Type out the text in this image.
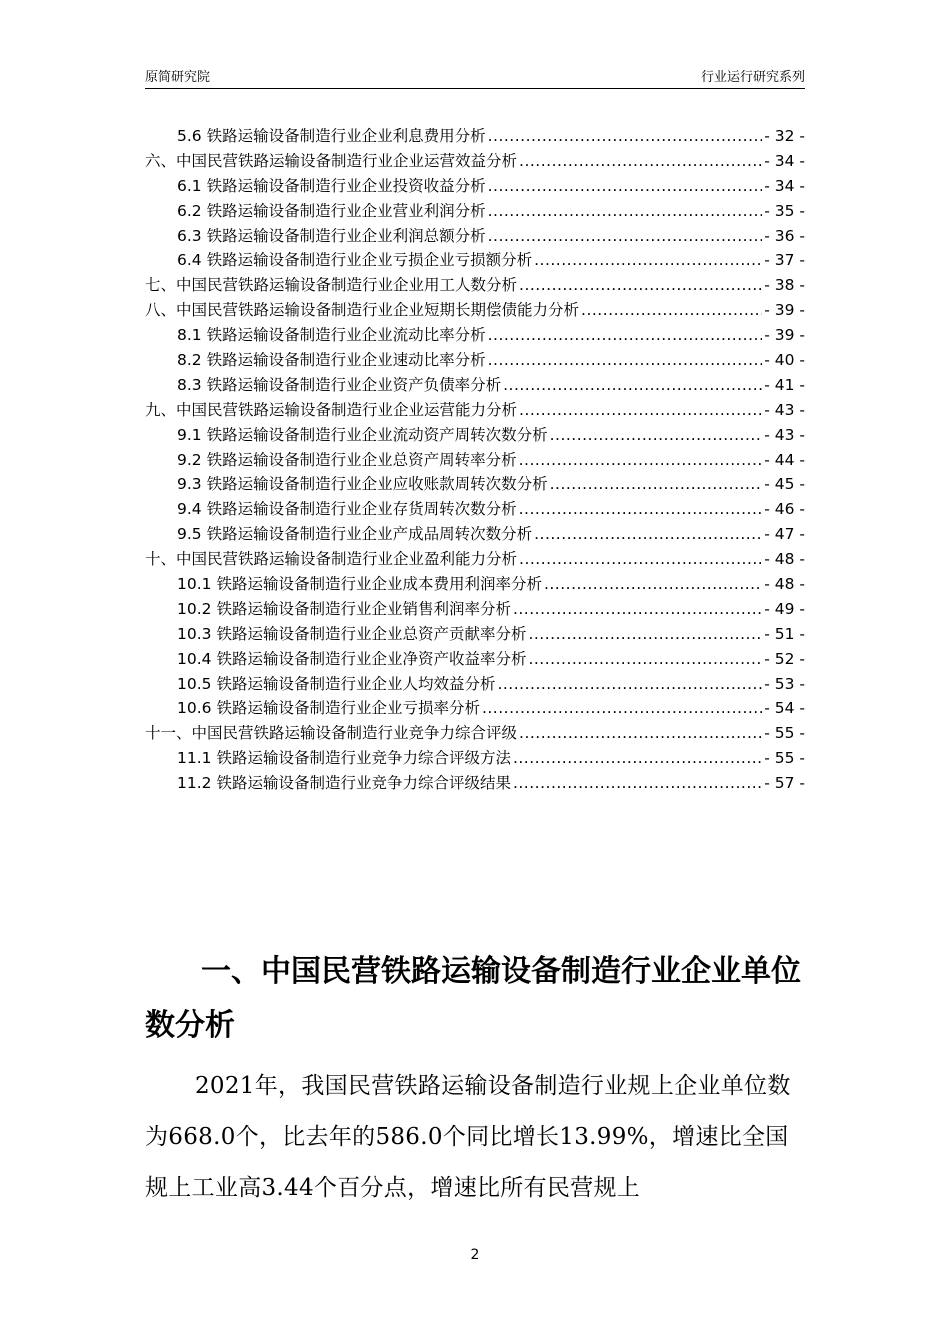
原简研究院	行业运行研究系列
5.6 铁路运输设备制造行业企业利息费用分析 .....	- 32 -
六、中国民营铁路运输设备制造行业企业运营效益分析 .....	- 34 -
6.1 铁路运输设备制造行业企业投资收益分析 .....	- 34 -
6.2 铁路运输设备制造行业企业营业利润分析 .....	- 35 -
6.3 铁路运输设备制造行业企业利润总额分析 .....	- 36 -
6.4 铁路运输设备制造行业企业亏损企业亏损额分析 .....	- 37 -
七、中国民营铁路运输设备制造行业企业用工人数分析 .....	- 38 -
八、中国民营铁路运输设备制造行业企业短期长期偿债能力分析 .....	- 39 -
8.1 铁路运输设备制造行业企业流动比率分析 .....	- 39 -
8.2 铁路运输设备制造行业企业速动比率分析 .....	- 40 -
8.3 铁路运输设备制造行业企业资产负债率分析 .....	- 41 -
九、中国民营铁路运输设备制造行业企业运营能力分析 .....	- 43 -
9.1 铁路运输设备制造行业企业流动资产周转次数分析 .....	- 43 -
9.2 铁路运输设备制造行业企业总资产周转率分析 .....	- 44 -
9.3 铁路运输设备制造行业企业应收账款周转次数分析 .....	- 45 -
9.4 铁路运输设备制造行业企业存货周转次数分析 .....	- 46 -
9.5 铁路运输设备制造行业企业产成品周转次数分析 .....	- 47 -
十、中国民营铁路运输设备制造行业企业盈利能力分析 .....	- 48 -
10.1 铁路运输设备制造行业企业成本费用利润率分析 .....	- 48 -
10.2 铁路运输设备制造行业企业销售利润率分析 .....	- 49 -
10.3 铁路运输设备制造行业企业总资产贡献率分析 .....	- 51 -
10.4 铁路运输设备制造行业企业净资产收益率分析 .....	- 52 -
10.5 铁路运输设备制造行业企业人均效益分析 .....	- 53 -
10.6 铁路运输设备制造行业企业亏损率分析 .....	- 54 -
十一、中国民营铁路运输设备制造行业竞争力综合评级 .....	- 55 -
11.1 铁路运输设备制造行业竞争力综合评级方法 .....	- 55 -
11.2 铁路运输设备制造行业竞争力综合评级结果 .....	- 57 -
一、中国民营铁路运输设备制造行业企业单位数分析
2021年，我国民营铁路运输设备制造行业规上企业单位数为668.0个，比去年的586.0个同比增长13.99%，增速比全国规上工业高3.44个百分点，增速比所有民营规上
2
